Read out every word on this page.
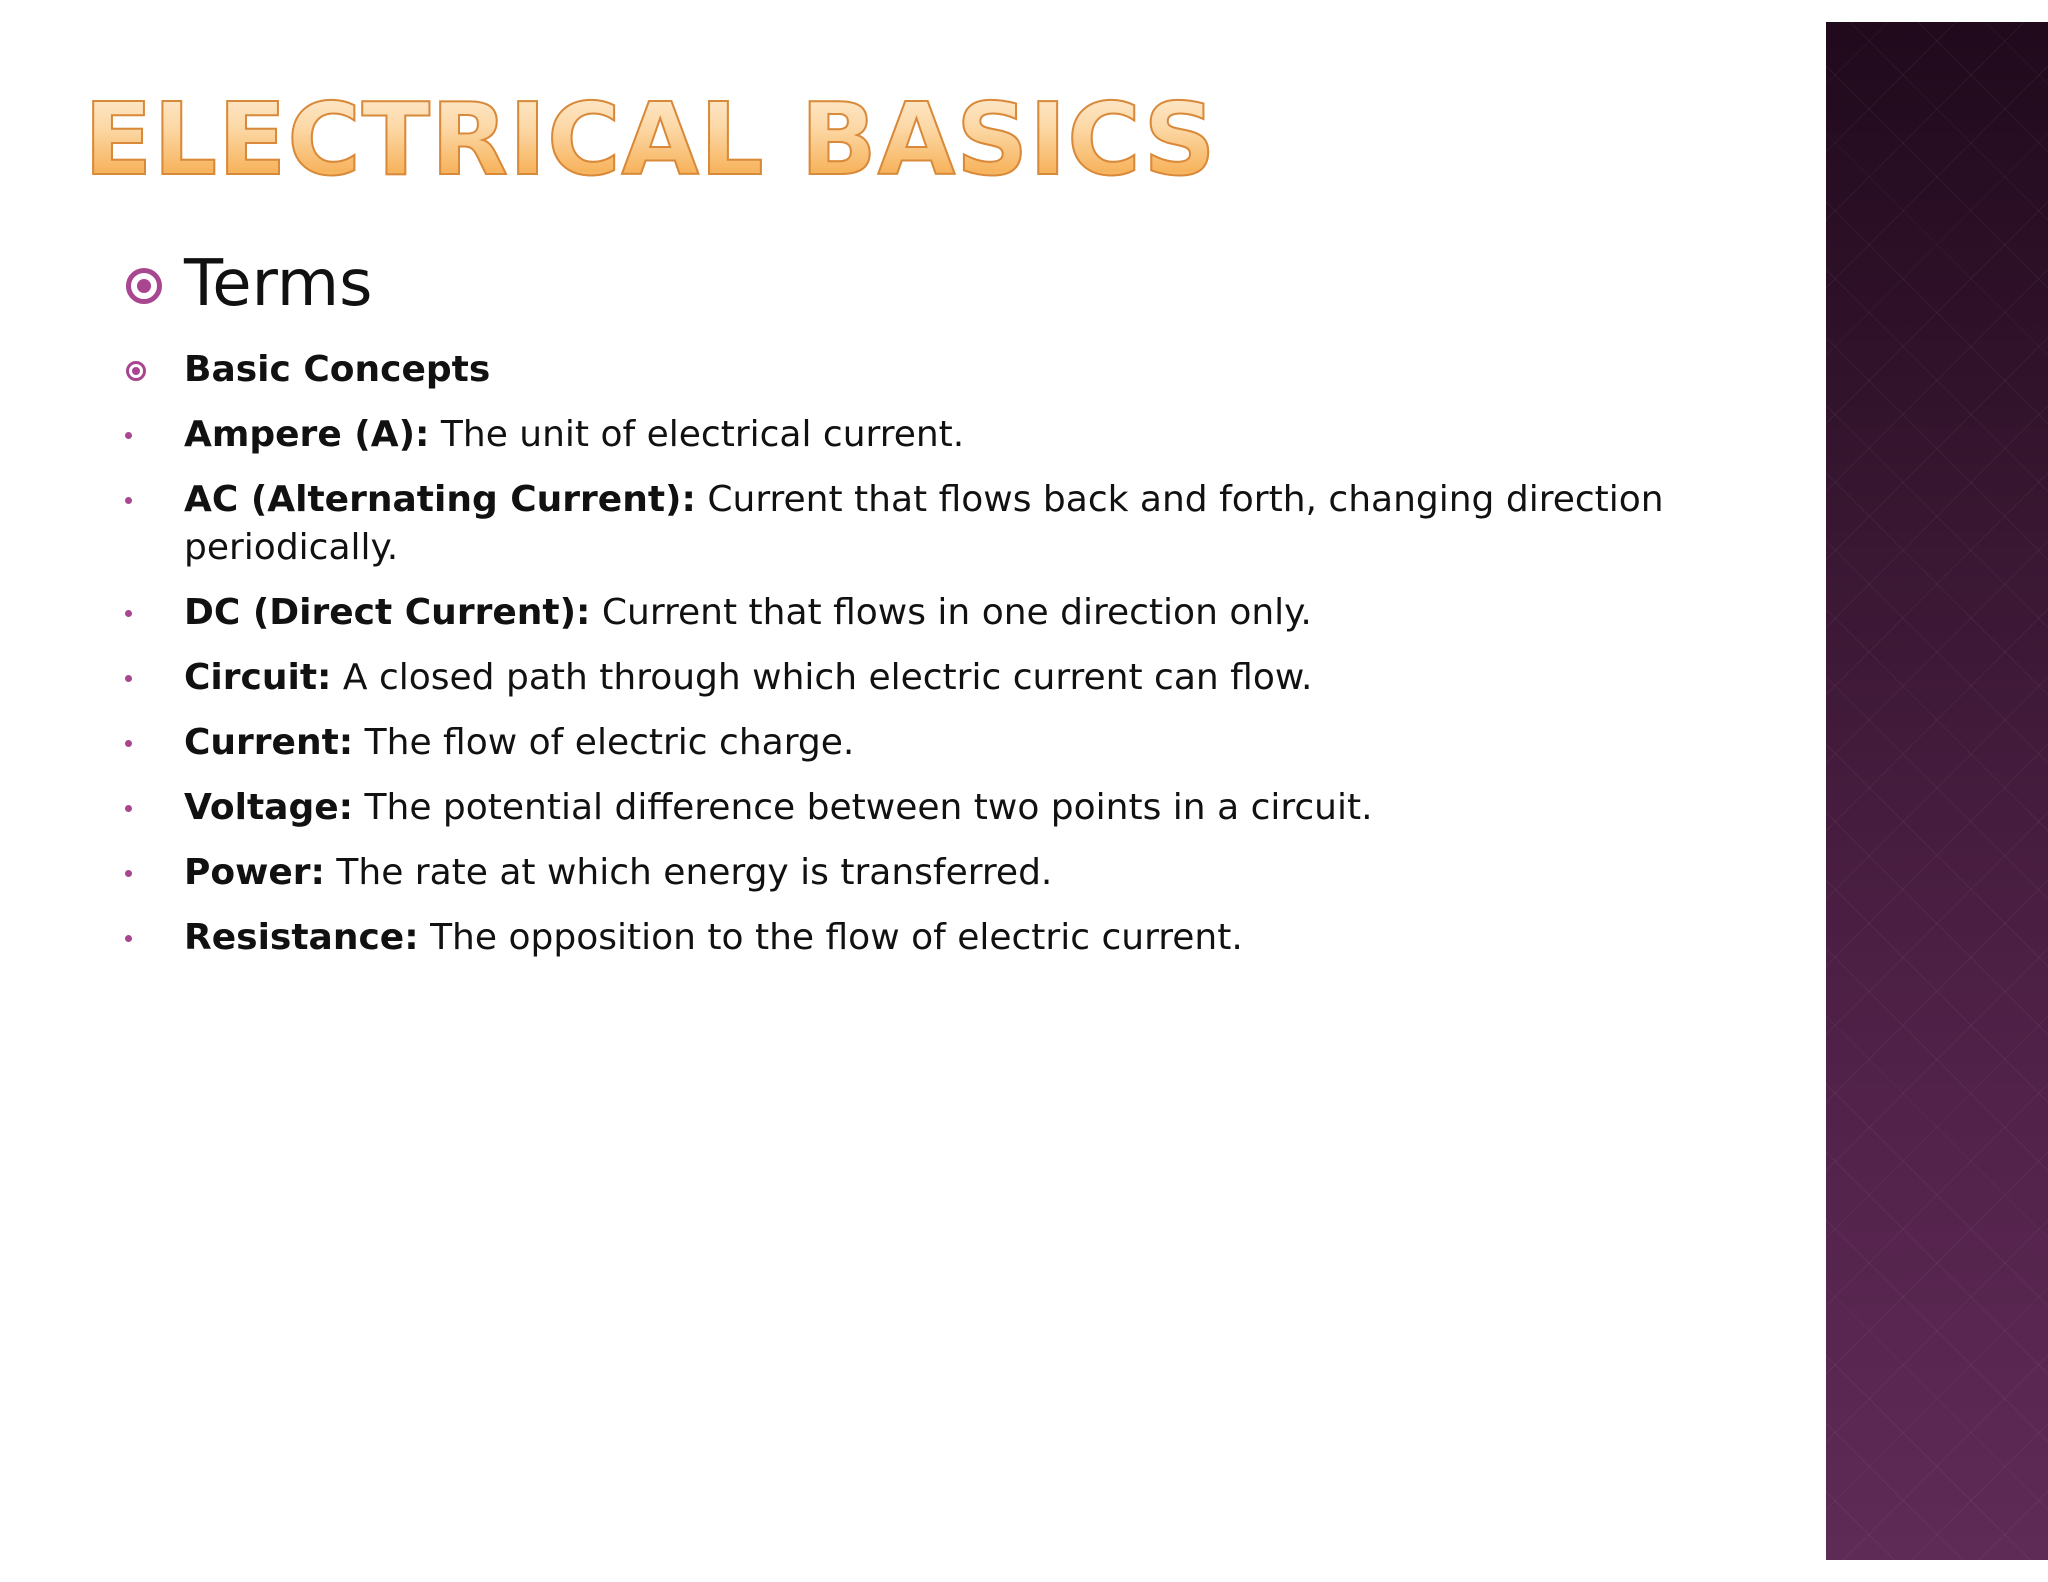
ELECTRICAL BASICS
Terms
Basic Concepts
Ampere (A): The unit of electrical current.
AC (Alternating Current): Current that flows back and forth, changing direction periodically.
DC (Direct Current): Current that flows in one direction only.
Circuit: A closed path through which electric current can flow.
Current: The flow of electric charge.
Voltage: The potential difference between two points in a circuit.
Power: The rate at which energy is transferred.
Resistance: The opposition to the flow of electric current.
